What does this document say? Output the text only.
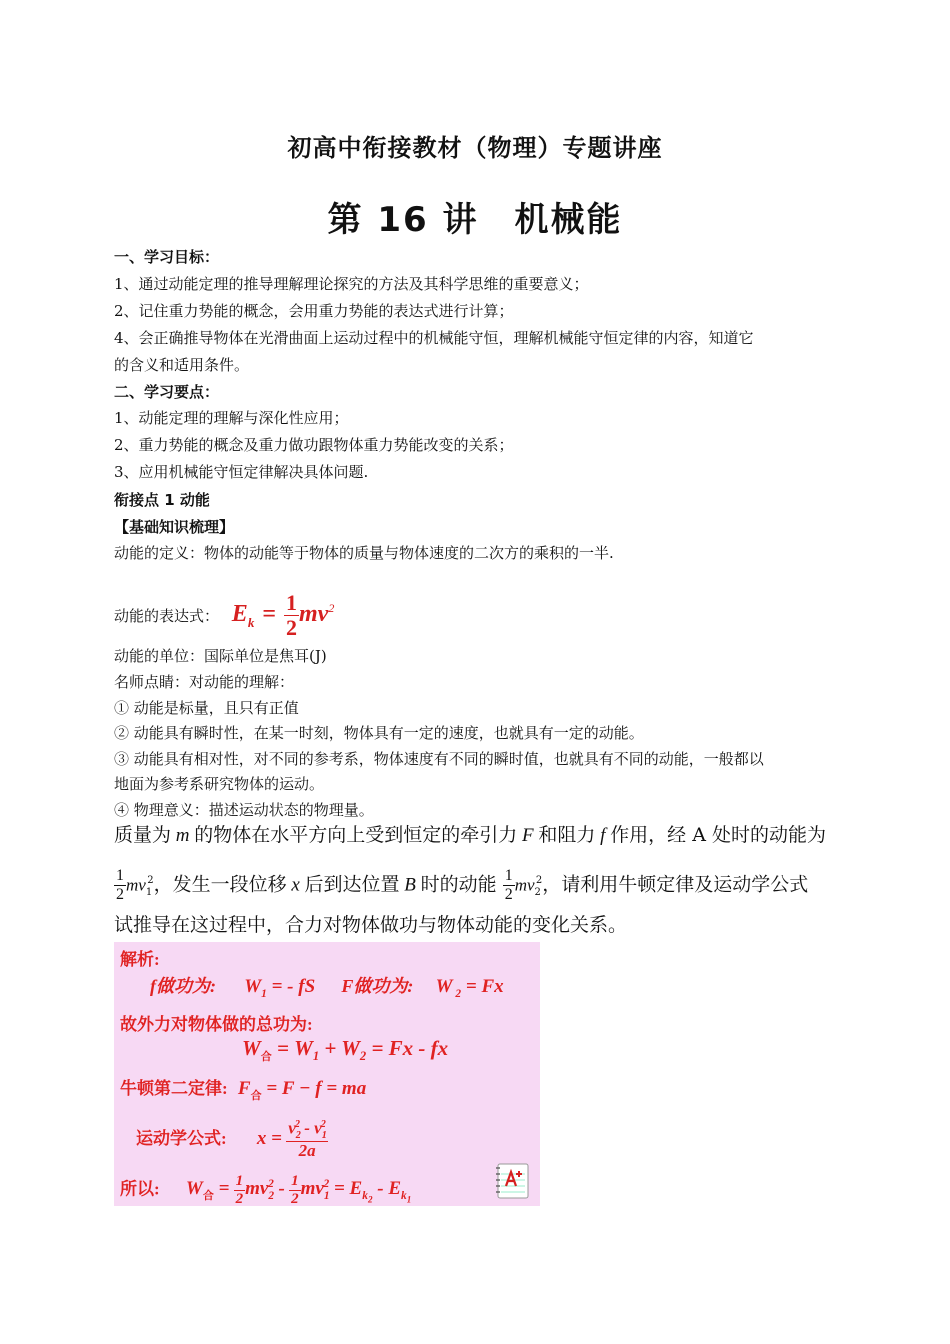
初高中衔接教材（物理）专题讲座
第 16 讲 机械能
一、学习目标：
1、通过动能定理的推导理解理论探究的方法及其科学思维的重要意义；
2、记住重力势能的概念，会用重力势能的表达式进行计算；
4、会正确推导物体在光滑曲面上运动过程中的机械能守恒，理解机械能守恒定律的内容，知道它
的含义和适用条件。
二、学习要点：
1、动能定理的理解与深化性应用；
2、重力势能的概念及重力做功跟物体重力势能改变的关系；
3、应用机械能守恒定律解决具体问题.
衔接点 1 动能
【基础知识梳理】
动能的定义：物体的动能等于物体的质量与物体速度的二次方的乘积的一半.
动能的表达式： $E_k = \frac{1}{2} mv^2$
动能的单位：国际单位是焦耳(J)
名师点睛：对动能的理解：
① 动能是标量，且只有正值
② 动能具有瞬时性，在某一时刻，物体具有一定的速度，也就具有一定的动能。
③ 动能具有相对性，对不同的参考系，物体速度有不同的瞬时值，也就具有不同的动能，一般都以
地面为参考系研究物体的运动。
④ 物理意义：描述运动状态的物理量。
质量为 m 的物体在水平方向上受到恒定的牵引力 F 和阻力 f 作用，经 A 处时的动能为
$\frac{1}{2} mv_1^2$，发生一段位移 x 后到达位置 B 时的动能 $\frac{1}{2} mv_2^2$，请利用牛顿定律及运动学公式
试推导在这过程中，合力对物体做功与物体动能的变化关系。
解析:
f做功为: $W_1$ = - fS F做功为: W $_2$ = Fx
故外力对物体做的总功为:
$W_合 = W_1 + W_2 = Fx$ - fx
牛顿第二定律: $F_合 = F - f$ = ma
运动学公式: $x = \frac{v_2^2 - v_1^2}{2a}$
所以: $W_合 = \frac{1}{2} mv_2^2 - \frac{1}{2} mv_1^2 = E_{k_2} - E_{k_1}$
